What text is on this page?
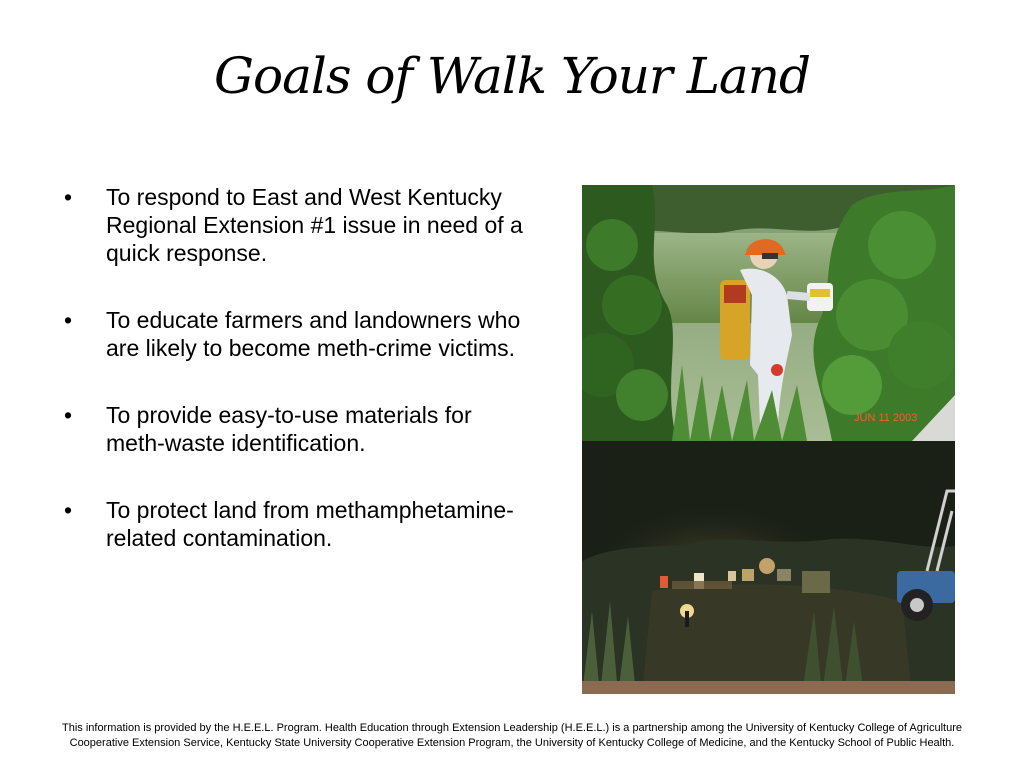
Goals of Walk Your Land
•	To respond to East and West Kentucky Regional Extension #1 issue in need of a quick response.
•	To educate farmers and landowners who are likely to become meth-crime victims.
•	To provide easy-to-use materials for meth-waste identification.
•	To protect land from methamphetamine-related contamination.
JUN 11 2003
This information is provided by the H.E.E.L. Program. Health Education through Extension Leadership (H.E.E.L.) is a partnership among the University of Kentucky College of Agriculture
Cooperative Extension Service, Kentucky State University Cooperative Extension Program, the University of Kentucky College of Medicine, and the Kentucky School of Public Health.
